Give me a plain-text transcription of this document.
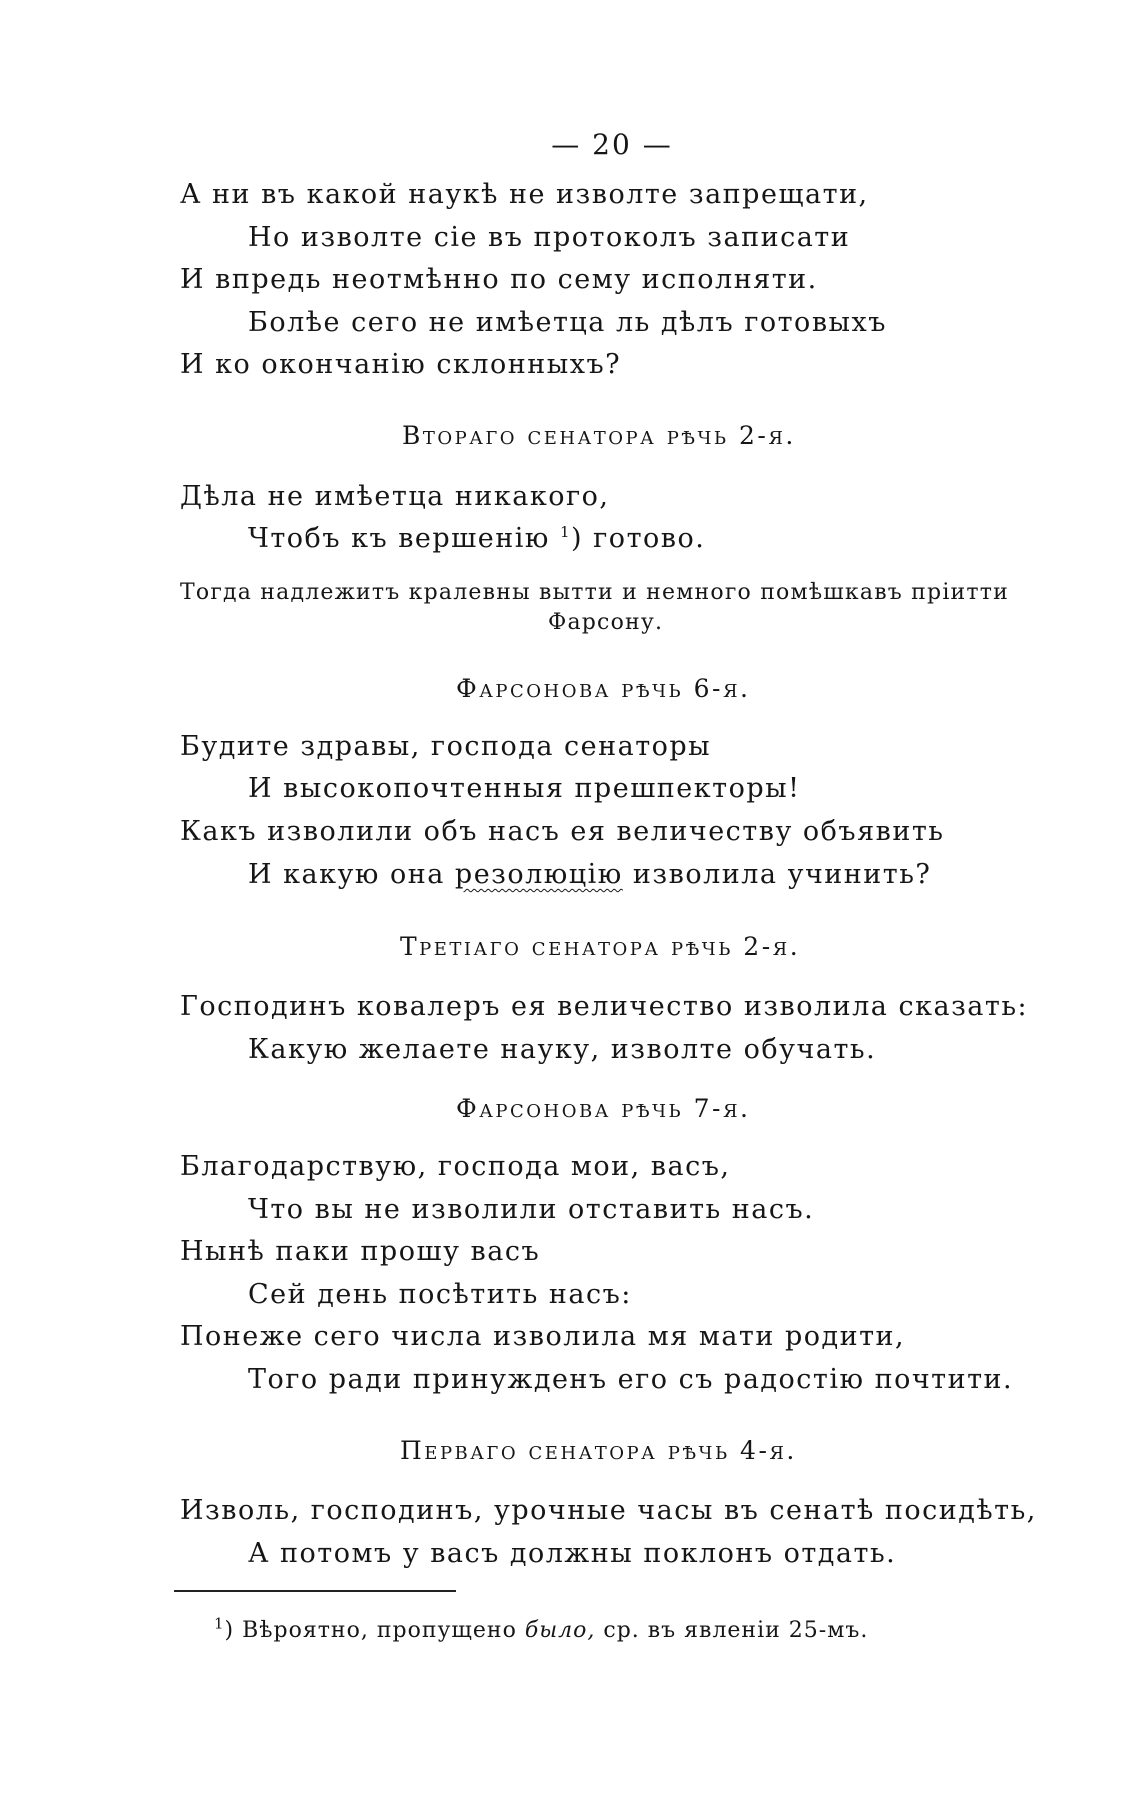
— 20 —
А ни въ какой наукѣ не изволте запрещати,
Но изволте сіе въ протоколъ записати
И впредь неотмѣнно по сему исполняти.
Болѣе сего не имѣетца ль дѣлъ готовыхъ
И ко окончанію склонныхъ?
Втораго сенатора рѣчь 2-я.
Дѣла не имѣетца никакого,
Чтобъ къ вершенію $^1$) готово.
Тогда надлежитъ кралевны вытти и немного помѣшкавъ пріитти
Фарсону.
Фарсонова рѣчь 6-я.
Будите здравы, господа сенаторы
И высокопочтенныя прешпекторы!
Какъ изволили объ насъ ея величеству объявить
И какую она резолюцію изволила учинить?
Третіаго сенатора рѣчь 2-я.
Господинъ ковалеръ ея величество изволила сказать:
Какую желаете науку, изволте обучать.
Фарсонова рѣчь 7-я.
Благодарствую, господа мои, васъ,
Что вы не изволили отставить насъ.
Нынѣ паки прошу васъ
Сей день посѣтить насъ:
Понеже сего числа изволила мя мати родити,
Того ради принужденъ его съ радостію почтити.
Перваго сенатора рѣчь 4-я.
Изволь, господинъ, урочные часы въ сенатѣ посидѣть,
А потомъ у васъ должны поклонъ отдать.
$^1$) Вѣроятно, пропущено было, ср. въ явленіи 25-мъ.
